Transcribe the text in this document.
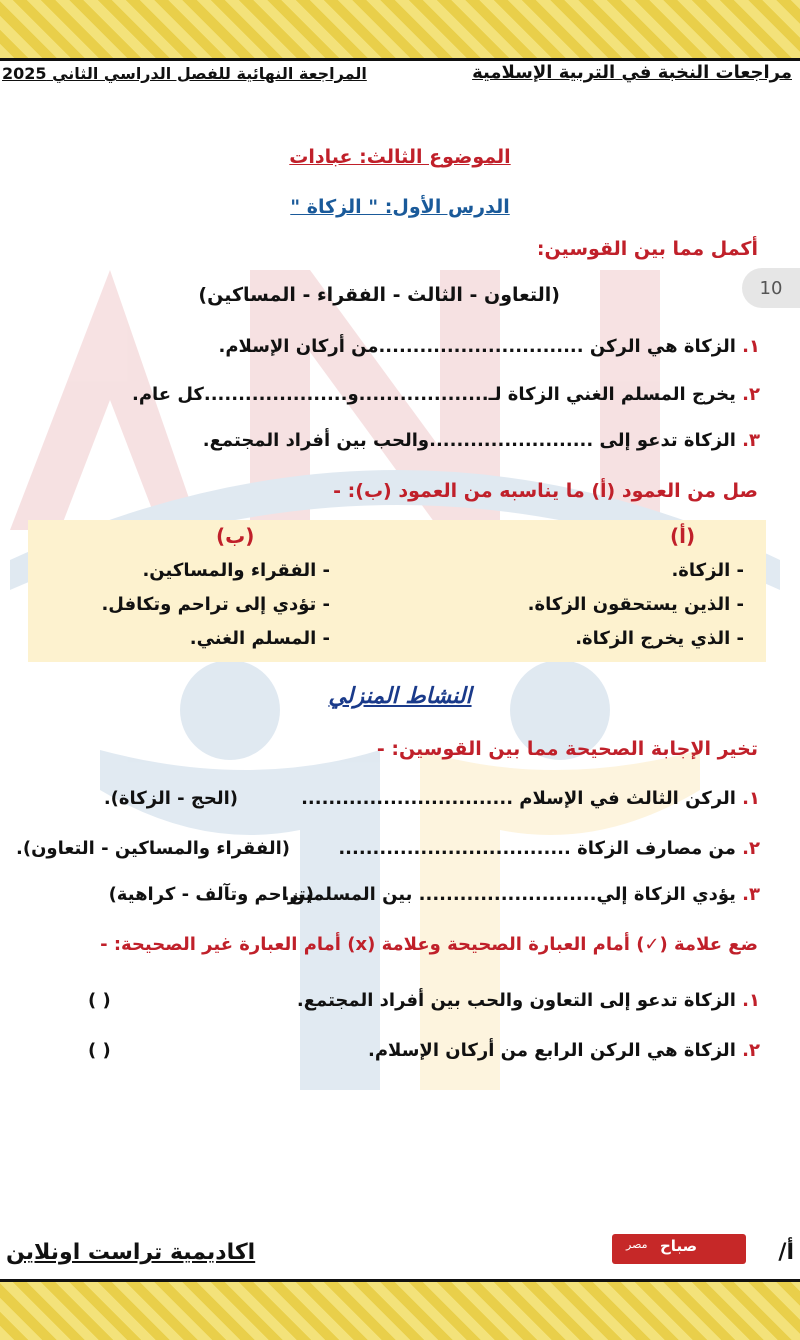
مراجعات النخبة في التربية الإسلامية
المراجعة النهائية للفصل الدراسي الثاني 2025
10
الموضوع الثالث: عبادات
الدرس الأول: " الزكاة "
أكمل مما بين القوسين:
(التعاون - الثالث - الفقراء - المساكين)
١. الزكاة هي الركن ..............................من أركان الإسلام.
٢. يخرج المسلم الغني الزكاة لـ...................و.....................كل عام.
٣. الزكاة تدعو إلى ........................والحب بين أفراد المجتمع.
صل من العمود (أ) ما يناسبه من العمود (ب): -
(أ)
(ب)
- الزكاة.
- الذين يستحقون الزكاة.
- الذي يخرج الزكاة.
- الفقراء والمساكين.
- تؤدي إلى تراحم وتكافل.
- المسلم الغني.
النشاط المنزلي
تخير الإجابة الصحيحة مما بين القوسين: -
١. الركن الثالث في الإسلام ...............................
(الحج - الزكاة).
٢. من مصارف الزكاة ..................................
(الفقراء والمساكين - التعاون).
٣. يؤدي الزكاة إلي.......................... بين المسلمين.
(تراحم وتآلف - كراهية)
ضع علامة (✓) أمام العبارة الصحيحة وعلامة (x) أمام العبارة غير الصحيحة: -
١. الزكاة تدعو إلى التعاون والحب بين أفراد المجتمع.
( )
٢. الزكاة هي الركن الرابع من أركان الإسلام.
( )
اكاديمية تراست اونلاين	أ/
صباح
مصر
